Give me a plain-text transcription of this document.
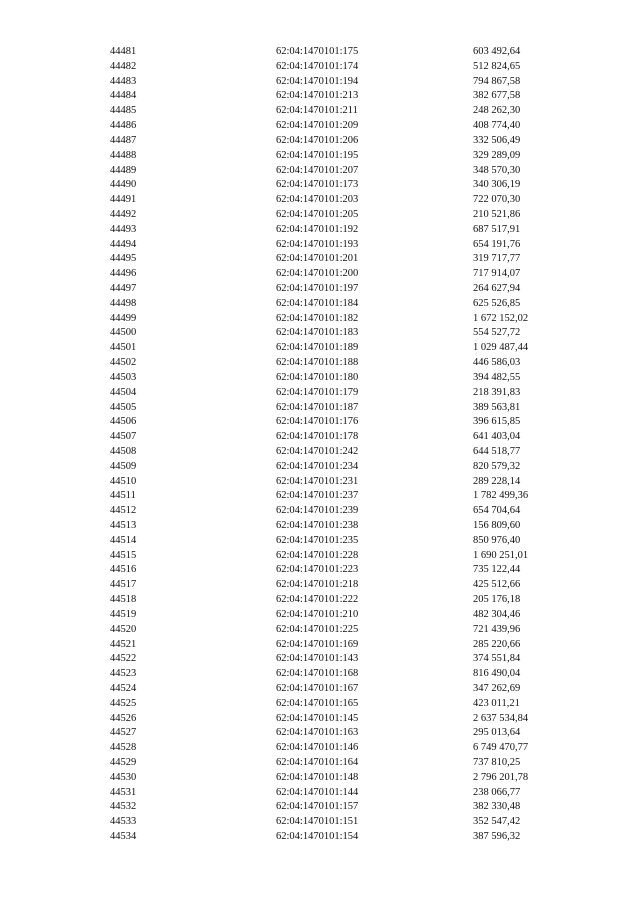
44481	62:04:1470101:175	603 492,64
44482	62:04:1470101:174	512 824,65
44483	62:04:1470101:194	794 867,58
44484	62:04:1470101:213	382 677,58
44485	62:04:1470101:211	248 262,30
44486	62:04:1470101:209	408 774,40
44487	62:04:1470101:206	332 506,49
44488	62:04:1470101:195	329 289,09
44489	62:04:1470101:207	348 570,30
44490	62:04:1470101:173	340 306,19
44491	62:04:1470101:203	722 070,30
44492	62:04:1470101:205	210 521,86
44493	62:04:1470101:192	687 517,91
44494	62:04:1470101:193	654 191,76
44495	62:04:1470101:201	319 717,77
44496	62:04:1470101:200	717 914,07
44497	62:04:1470101:197	264 627,94
44498	62:04:1470101:184	625 526,85
44499	62:04:1470101:182	1 672 152,02
44500	62:04:1470101:183	554 527,72
44501	62:04:1470101:189	1 029 487,44
44502	62:04:1470101:188	446 586,03
44503	62:04:1470101:180	394 482,55
44504	62:04:1470101:179	218 391,83
44505	62:04:1470101:187	389 563,81
44506	62:04:1470101:176	396 615,85
44507	62:04:1470101:178	641 403,04
44508	62:04:1470101:242	644 518,77
44509	62:04:1470101:234	820 579,32
44510	62:04:1470101:231	289 228,14
44511	62:04:1470101:237	1 782 499,36
44512	62:04:1470101:239	654 704,64
44513	62:04:1470101:238	156 809,60
44514	62:04:1470101:235	850 976,40
44515	62:04:1470101:228	1 690 251,01
44516	62:04:1470101:223	735 122,44
44517	62:04:1470101:218	425 512,66
44518	62:04:1470101:222	205 176,18
44519	62:04:1470101:210	482 304,46
44520	62:04:1470101:225	721 439,96
44521	62:04:1470101:169	285 220,66
44522	62:04:1470101:143	374 551,84
44523	62:04:1470101:168	816 490,04
44524	62:04:1470101:167	347 262,69
44525	62:04:1470101:165	423 011,21
44526	62:04:1470101:145	2 637 534,84
44527	62:04:1470101:163	295 013,64
44528	62:04:1470101:146	6 749 470,77
44529	62:04:1470101:164	737 810,25
44530	62:04:1470101:148	2 796 201,78
44531	62:04:1470101:144	238 066,77
44532	62:04:1470101:157	382 330,48
44533	62:04:1470101:151	352 547,42
44534	62:04:1470101:154	387 596,32
